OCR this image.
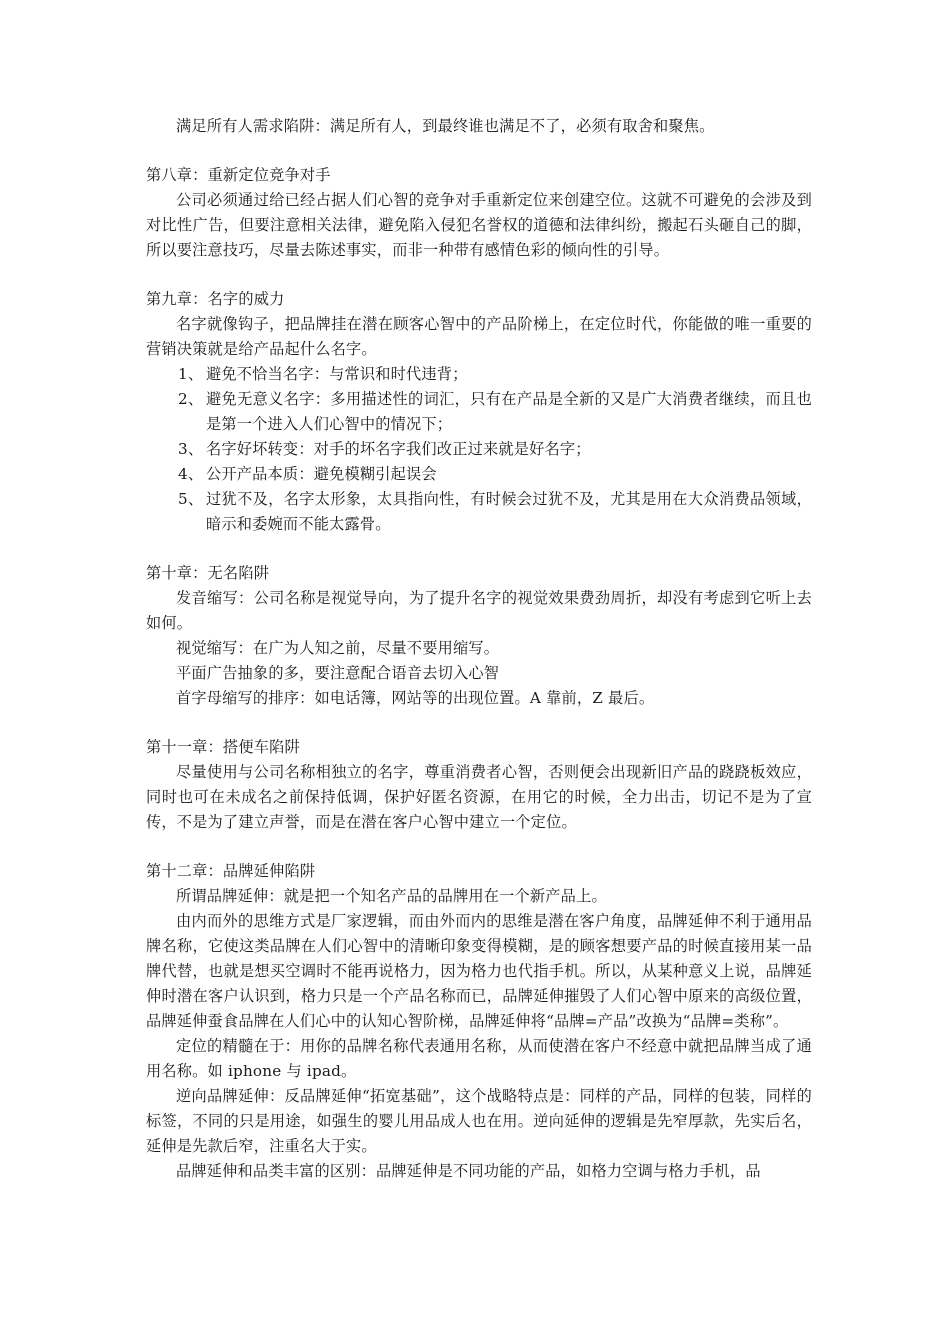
满足所有人需求陷阱：满足所有人，到最终谁也满足不了，必须有取舍和聚焦。

第八章：重新定位竞争对手

公司必须通过给已经占据人们心智的竞争对手重新定位来创建空位。这就不可避免的会涉及到对比性广告，但要注意相关法律，避免陷入侵犯名誉权的道德和法律纠纷，搬起石头砸自己的脚，所以要注意技巧，尽量去陈述事实，而非一种带有感情色彩的倾向性的引导。

第九章：名字的威力

名字就像钩子，把品牌挂在潜在顾客心智中的产品阶梯上，在定位时代，你能做的唯一重要的营销决策就是给产品起什么名字。

1、 避免不恰当名字：与常识和时代违背；
2、 避免无意义名字：多用描述性的词汇，只有在产品是全新的又是广大消费者继续，而且也是第一个进入人们心智中的情况下；
3、 名字好坏转变：对手的坏名字我们改正过来就是好名字；
4、 公开产品本质：避免模糊引起误会
5、 过犹不及，名字太形象，太具指向性，有时候会过犹不及，尤其是用在大众消费品领域，暗示和委婉而不能太露骨。

第十章：无名陷阱

发音缩写：公司名称是视觉导向，为了提升名字的视觉效果费劲周折，却没有考虑到它听上去如何。

视觉缩写：在广为人知之前，尽量不要用缩写。

平面广告抽象的多，要注意配合语音去切入心智

首字母缩写的排序：如电话簿，网站等的出现位置。A 靠前，Z 最后。

第十一章：搭便车陷阱

尽量使用与公司名称相独立的名字，尊重消费者心智，否则便会出现新旧产品的跷跷板效应，同时也可在未成名之前保持低调，保护好匿名资源，在用它的时候，全力出击，切记不是为了宣传，不是为了建立声誉，而是在潜在客户心智中建立一个定位。

第十二章：品牌延伸陷阱

所谓品牌延伸：就是把一个知名产品的品牌用在一个新产品上。

由内而外的思维方式是厂家逻辑，而由外而内的思维是潜在客户角度，品牌延伸不利于通用品牌名称，它使这类品牌在人们心智中的清晰印象变得模糊，是的顾客想要产品的时候直接用某一品牌代替，也就是想买空调时不能再说格力，因为格力也代指手机。所以，从某种意义上说，品牌延伸时潜在客户认识到，格力只是一个产品名称而已，品牌延伸摧毁了人们心智中原来的高级位置，品牌延伸蚕食品牌在人们心中的认知心智阶梯，品牌延伸将“品牌=产品”改换为“品牌=类称”。

定位的精髓在于：用你的品牌名称代表通用名称，从而使潜在客户不经意中就把品牌当成了通用名称。如 iphone 与 ipad。

逆向品牌延伸：反品牌延伸“拓宽基础”，这个战略特点是：同样的产品，同样的包装，同样的标签，不同的只是用途，如强生的婴儿用品成人也在用。逆向延伸的逻辑是先窄厚款，先实后名，延伸是先款后窄，注重名大于实。

品牌延伸和品类丰富的区别：品牌延伸是不同功能的产品，如格力空调与格力手机，品
